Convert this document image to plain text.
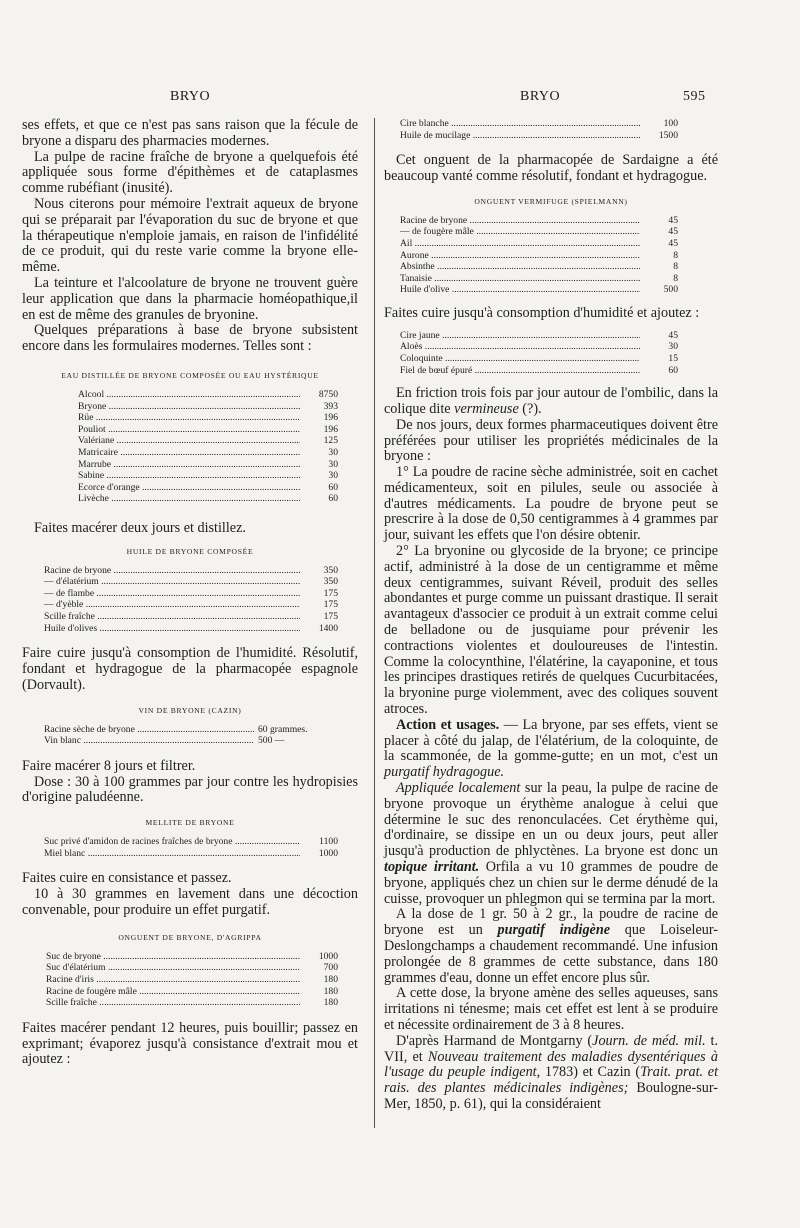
BRYO	BRYO	595

ses effets, et que ce n'est pas sans raison que la fécule de bryone a disparu des pharmacies modernes.

La pulpe de racine fraîche de bryone a quelquefois été appliquée sous forme d'épithèmes et de cataplasmes comme rubéfiant (inusité).

Nous citerons pour mémoire l'extrait aqueux de bryone qui se préparait par l'évaporation du suc de bryone et que la thérapeutique n'emploie jamais, en raison de l'infidélité de ce produit, qui du reste varie comme la bryone elle-même.

La teinture et l'alcoolature de bryone ne trouvent guère leur application que dans la pharmacie homéopathique,il en est de même des granules de bryonine.

Quelques préparations à base de bryone subsistent encore dans les formulaires modernes. Telles sont :

EAU DISTILLÉE DE BRYONE COMPOSÉE OU EAU HYSTÉRIQUE

Alcool .....	8750
Bryone .....	393
Rüe .....	196
Pouliot .....	196
Valériane .....	125
Matricaire .....	30
Marrube .....	30
Sabine .....	30
Ecorce d'orange .....	60
Livèche .....	60

Faites macérer deux jours et distillez.

HUILE DE BRYONE COMPOSÉE

Racine de bryone .....	350
— d'élatérium .....	350
— de flambe .....	175
— d'yèble .....	175
Scille fraîche .....	175
Huile d'olives .....	1400

Faire cuire jusqu'à consomption de l'humidité. Résolutif, fondant et hydragogue de la pharmacopée espagnole (Dorvault).

VIN DE BRYONE (CAZIN)

Racine sèche de bryone .....	60 grammes.
Vin blanc .....	500 —

Faire macérer 8 jours et filtrer.

Dose : 30 à 100 grammes par jour contre les hydropisies d'origine paludéenne.

MELLITE DE BRYONE

Suc privé d'amidon de racines fraîches de bryone .....	1100
Miel blanc .....	1000

Faites cuire en consistance et passez.

10 à 30 grammes en lavement dans une décoction convenable, pour produire un effet purgatif.

ONGUENT DE BRYONE, D'AGRIPPA

Suc de bryone .....	1000
Suc d'élatérium .....	700
Racine d'iris .....	180
Racine de fougère mâle .....	180
Scille fraîche .....	180

Faites macérer pendant 12 heures, puis bouillir; passez en exprimant; évaporez jusqu'à consistance d'extrait mou et ajoutez :

Cire blanche .....	100
Huile de mucilage .....	1500

Cet onguent de la pharmacopée de Sardaigne a été beaucoup vanté comme résolutif, fondant et hydragogue.

ONGUENT VERMIFUGE (SPIELMANN)

Racine de bryone .....	45
— de fougère mâle .....	45
Ail .....	45
Aurone .....	8
Absinthe .....	8
Tanaisie .....	8
Huile d'olive .....	500

Faites cuire jusqu'à consomption d'humidité et ajoutez :

Cire jaune .....	45
Aloès .....	30
Coloquinte .....	15
Fiel de bœuf épuré .....	60

En friction trois fois par jour autour de l'ombilic, dans la colique dite vermineuse (?).

De nos jours, deux formes pharmaceutiques doivent être préférées pour utiliser les propriétés médicinales de la bryone :

1° La poudre de racine sèche administrée, soit en cachet médicamenteux, soit en pilules, seule ou associée à d'autres médicaments. La poudre de bryone peut se prescrire à la dose de 0,50 centigrammes à 4 grammes par jour, suivant les effets que l'on désire obtenir.

2° La bryonine ou glycoside de la bryone; ce principe actif, administré à la dose de un centigramme et même deux centigrammes, suivant Réveil, produit des selles abondantes et purge comme un puissant drastique. Il serait avantageux d'associer ce produit à un extrait comme celui de belladone ou de jusquiame pour prévenir les contractions violentes et douloureuses de l'intestin. Comme la colocynthine, l'élatérine, la cayaponine, et tous les principes drastiques retirés de quelques Cucurbitacées, la bryonine purge violemment, avec des coliques souvent atroces.

Action et usages. — La bryone, par ses effets, vient se placer à côté du jalap, de l'élatérium, de la coloquinte, de la scammonée, de la gomme-gutte; en un mot, c'est un purgatif hydragogue.

Appliquée localement sur la peau, la pulpe de racine de bryone provoque un érythème analogue à celui que détermine le suc des renonculacées. Cet érythème qui, d'ordinaire, se dissipe en un ou deux jours, peut aller jusqu'à production de phlyctènes. La bryone est donc un topique irritant. Orfila a vu 10 grammes de poudre de bryone, appliqués chez un chien sur le derme dénudé de la cuisse, provoquer un phlegmon qui se termina par la mort.

A la dose de 1 gr. 50 à 2 gr., la poudre de racine de bryone est un purgatif indigène que Loiseleur-Deslongchamps a chaudement recommandé. Une infusion prolongée de 8 grammes de cette substance, dans 180 grammes d'eau, donne un effet encore plus sûr.

A cette dose, la bryone amène des selles aqueuses, sans irritations ni ténesme; mais cet effet est lent à se produire et nécessite ordinairement de 3 à 8 heures.

D'après Harmand de Montgarny (Journ. de méd. mil. t. VII, et Nouveau traitement des maladies dysentériques à l'usage du peuple indigent, 1783) et Cazin (Trait. prat. et rais. des plantes médicinales indigènes; Boulogne-sur-Mer, 1850, p. 61), qui la considéraient
